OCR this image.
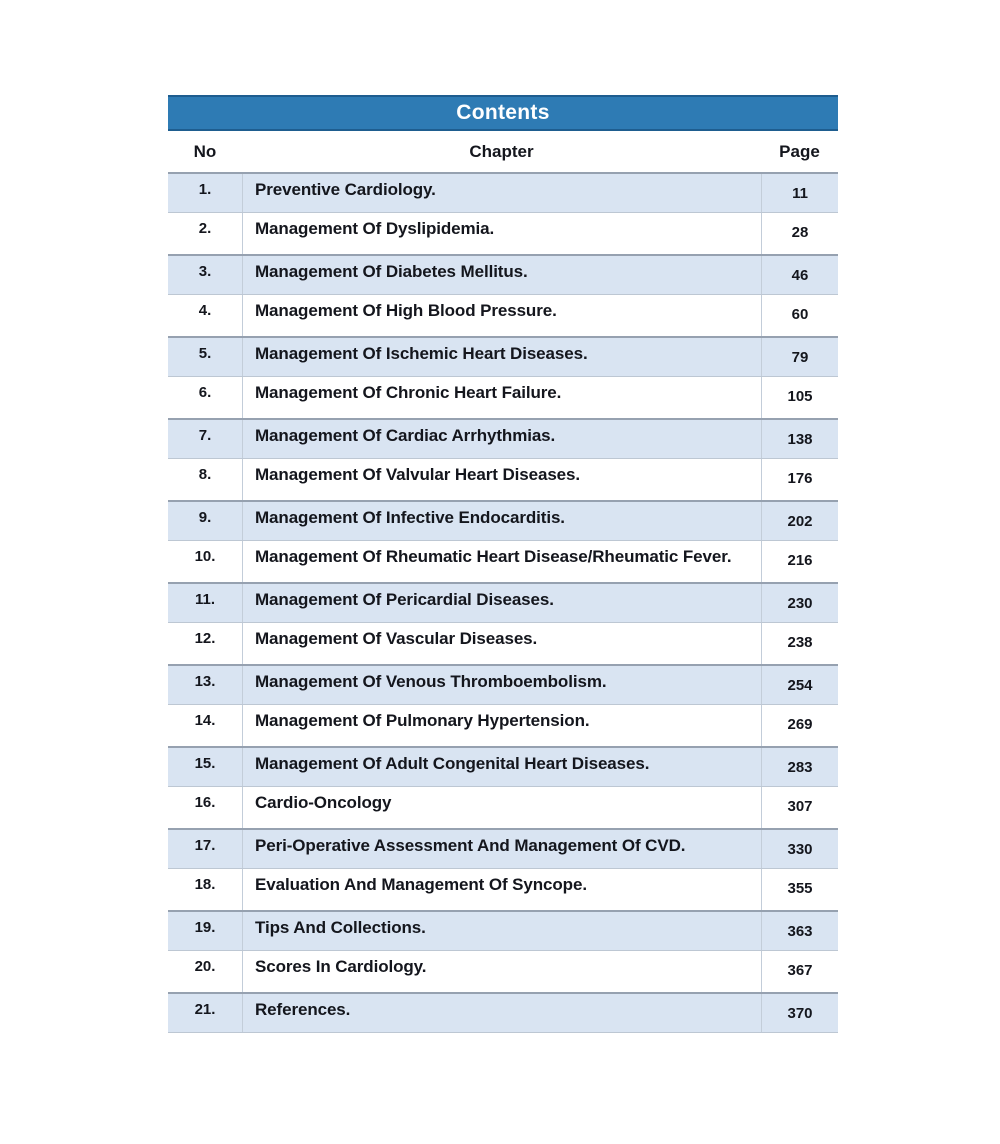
Contents
No	Chapter	Page
1.	Preventive Cardiology.	11
2.	Management Of Dyslipidemia.	28
3.	Management Of Diabetes Mellitus.	46
4.	Management Of High Blood Pressure.	60
5.	Management Of Ischemic Heart Diseases.	79
6.	Management Of Chronic Heart Failure.	105
7.	Management Of Cardiac Arrhythmias.	138
8.	Management Of Valvular Heart Diseases.	176
9.	Management Of Infective Endocarditis.	202
10.	Management Of Rheumatic Heart Disease/Rheumatic Fever.	216
11.	Management Of Pericardial Diseases.	230
12.	Management Of Vascular Diseases.	238
13.	Management Of Venous Thromboembolism.	254
14.	Management Of Pulmonary Hypertension.	269
15.	Management Of Adult Congenital Heart Diseases.	283
16.	Cardio-Oncology	307
17.	Peri-Operative Assessment And Management Of CVD.	330
18.	Evaluation And Management Of Syncope.	355
19.	Tips And Collections.	363
20.	Scores In Cardiology.	367
21.	References.	370
